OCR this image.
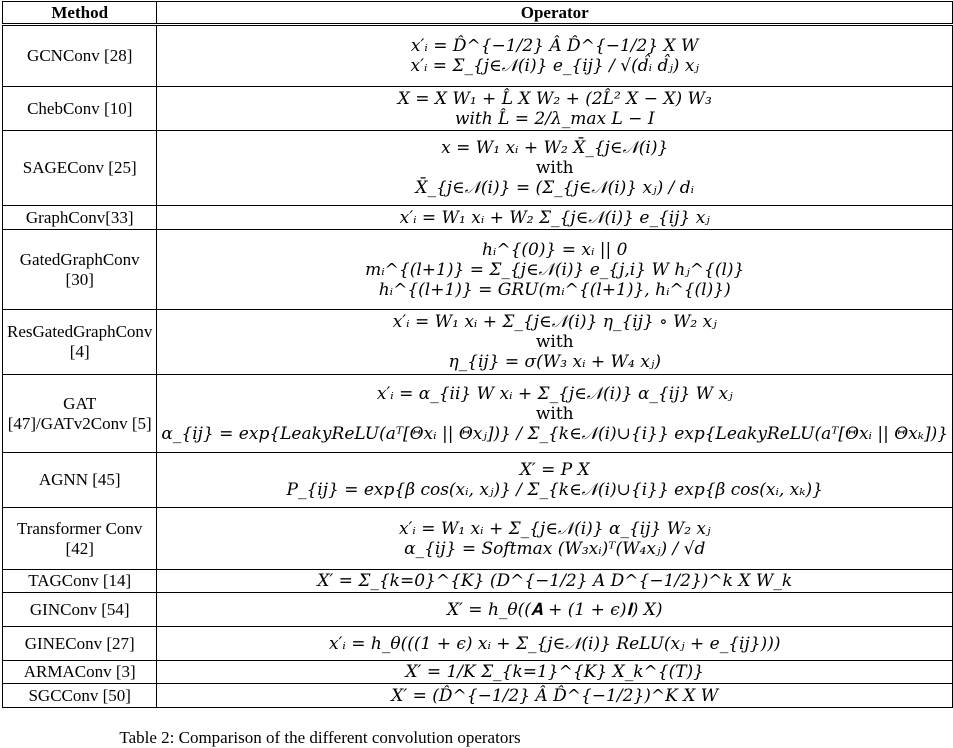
Method	Operator
GCNConv [28]	x′ᵢ = D̂^{−1/2} Â D̂^{−1/2} X W
x′ᵢ = Σ_{j∈𝒩(i)} e_{ij} / √(d̂ᵢ d̂ⱼ) xⱼ

ChebConv [10]	X = X W₁ + L̂ X W₂ + (2L̂² X − X) W₃
with L̂ = 2/λ_max L − I

SAGEConv [25]	x = W₁ xᵢ + W₂ X̄_{j∈𝒩(i)}
with
X̄_{j∈𝒩(i)} = (Σ_{j∈𝒩(i)} xⱼ) / dᵢ

GraphConv[33]	x′ᵢ = W₁ xᵢ + W₂ Σ_{j∈𝒩(i)} e_{ij} xⱼ

GatedGraphConv [30]	hᵢ^{(0)} = xᵢ || 0
mᵢ^{(l+1)} = Σ_{j∈𝒩(i)} e_{j,i} W hⱼ^{(l)}
hᵢ^{(l+1)} = GRU(mᵢ^{(l+1)}, hᵢ^{(l)})

ResGatedGraphConv [4]	x′ᵢ = W₁ xᵢ + Σ_{j∈𝒩(i)} η_{ij} ∘ W₂ xⱼ
with
η_{ij} = σ(W₃ xᵢ + W₄ xⱼ)

GAT [47]/GATv2Conv [5]	x′ᵢ = α_{ii} W xᵢ + Σ_{j∈𝒩(i)} α_{ij} W xⱼ
with
α_{ij} = exp{LeakyReLU(aᵀ[Θxᵢ || Θxⱼ])} / Σ_{k∈𝒩(i)∪{i}} exp{LeakyReLU(aᵀ[Θxᵢ || Θxₖ])}

AGNN [45]	X′ = P X
P_{ij} = exp{β cos(xᵢ, xⱼ)} / Σ_{k∈𝒩(i)∪{i}} exp{β cos(xᵢ, xₖ)}

Transformer Conv [42]	x′ᵢ = W₁ xᵢ + Σ_{j∈𝒩(i)} α_{ij} W₂ xⱼ
α_{ij} = Softmax (W₃xᵢ)ᵀ(W₄xⱼ) / √d

TAGConv [14]	X′ = Σ_{k=0}^{K} (D^{−1/2} A D^{−1/2})^k X W_k

GINConv [54]	X′ = h_θ((𝐀 + (1 + ϵ)𝐈) X)

GINEConv [27]	x′ᵢ = h_θ(((1 + ϵ) xᵢ + Σ_{j∈𝒩(i)} ReLU(xⱼ + e_{ij})))

ARMAConv [3]	X′ = 1/K Σ_{k=1}^{K} X_k^{(T)}

SGCConv [50]	X′ = (D̂^{−1/2} Â D̂^{−1/2})^K X W
Table 2: Comparison of the different convolution operators
